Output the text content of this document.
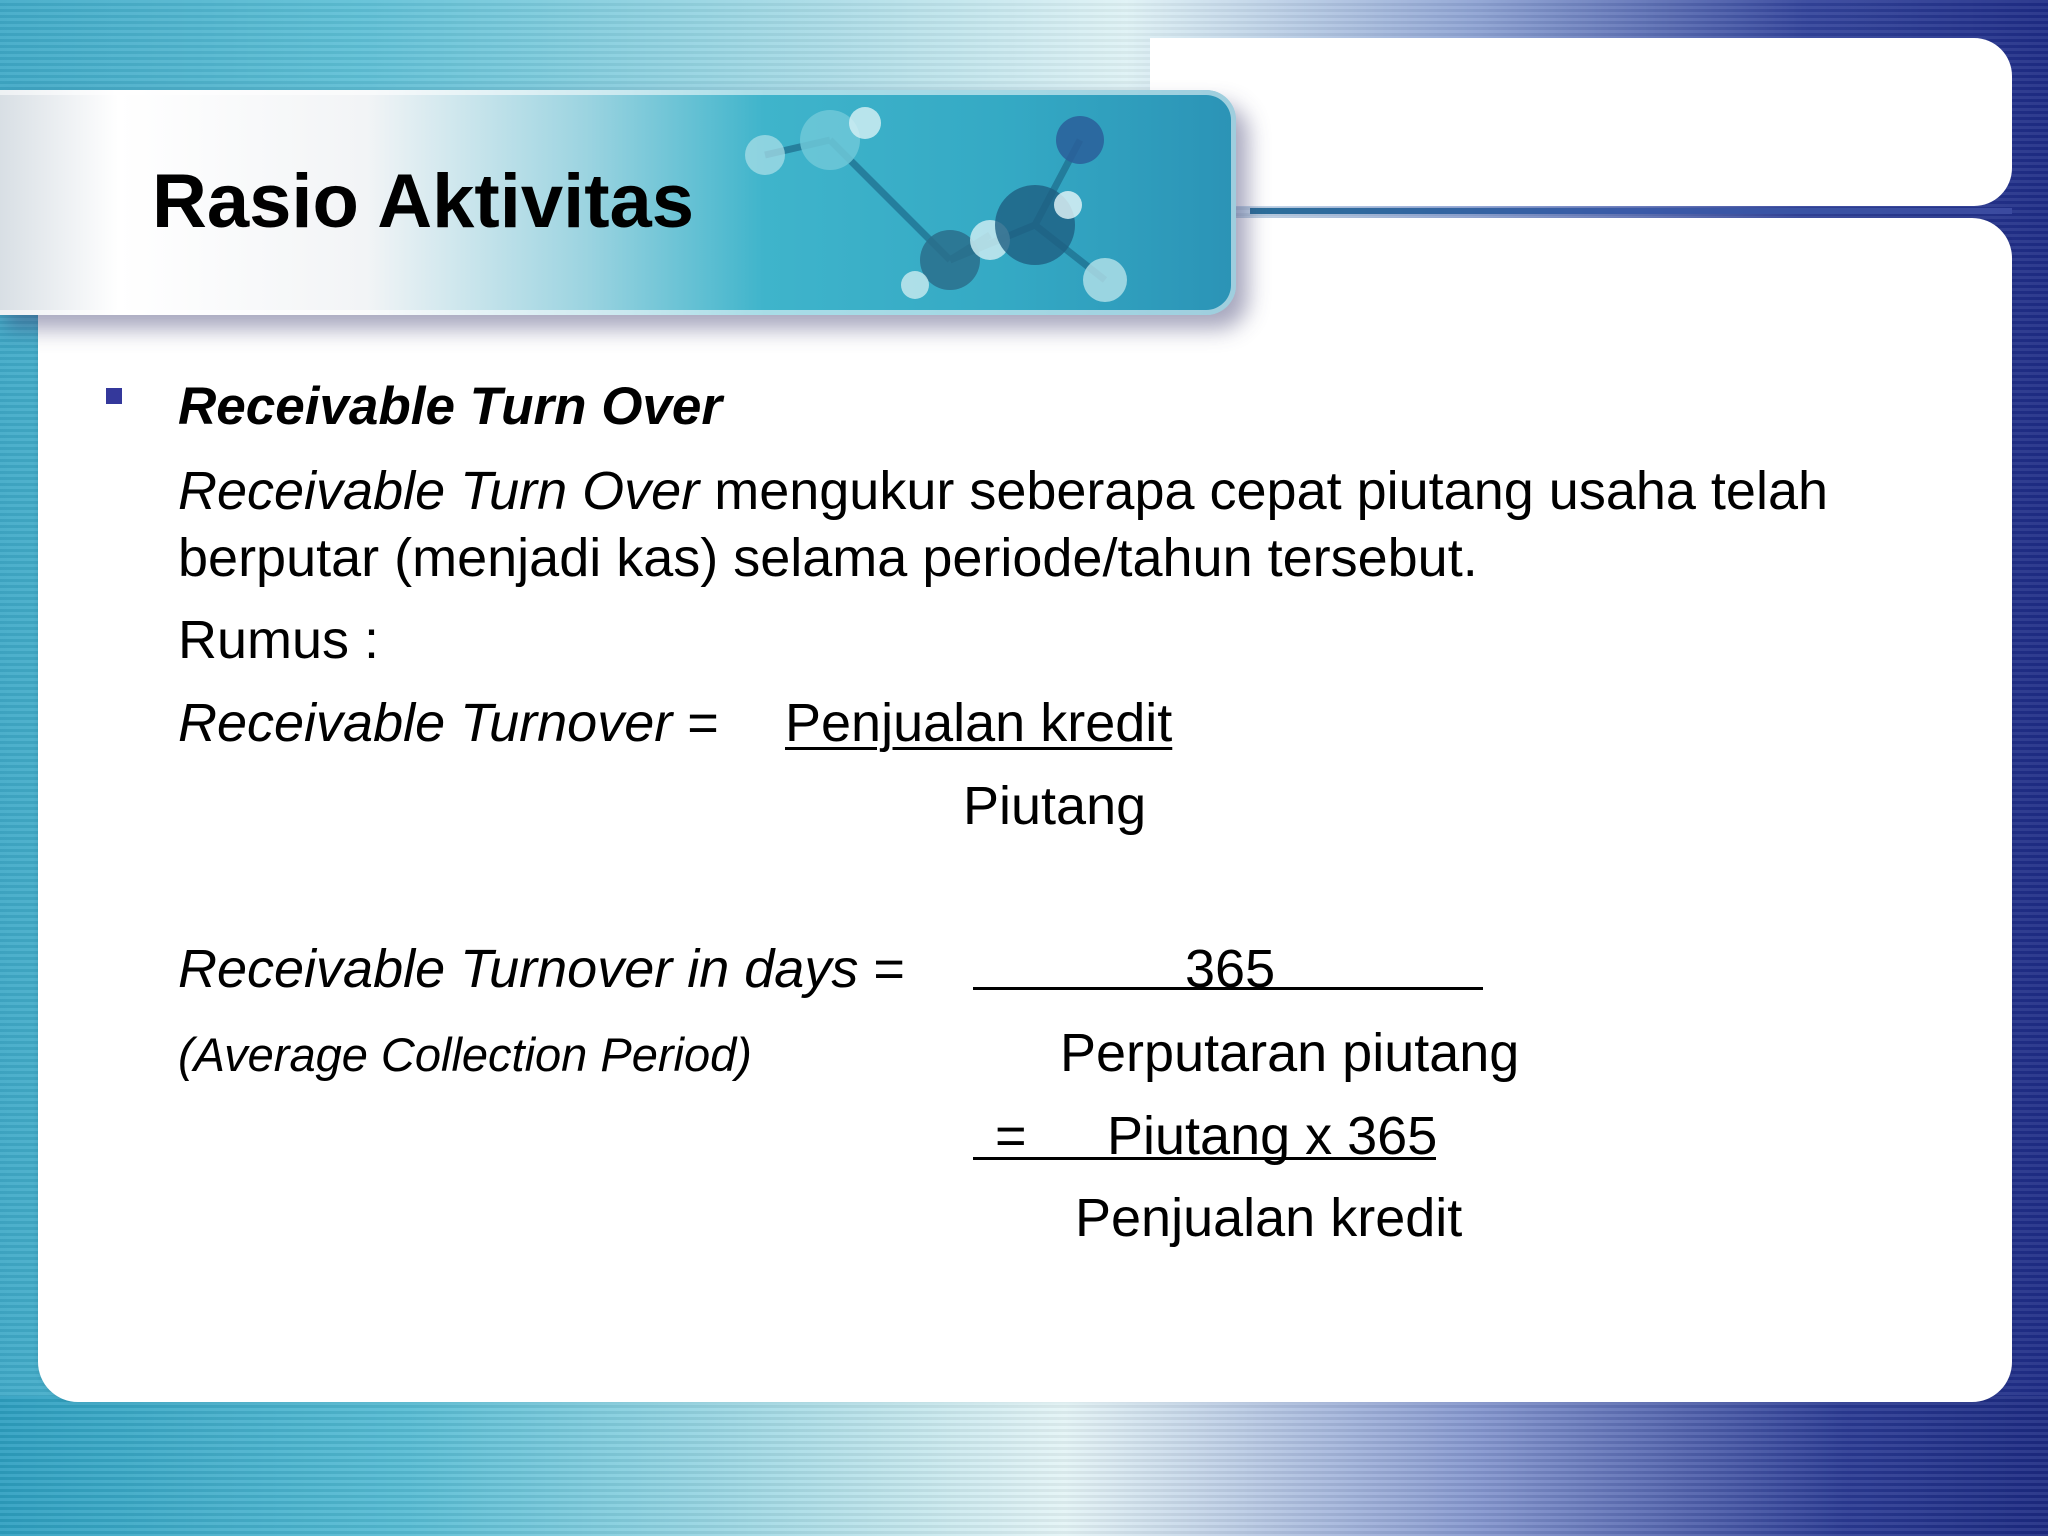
Rasio Aktivitas
Receivable Turn Over
Receivable Turn Over mengukur seberapa cepat piutang usaha telah
berputar (menjadi kas) selama periode/tahun tersebut.
Rumus :
Receivable Turnover = Penjualan kredit
Piutang
Receivable Turnover in days =	365
(Average Collection Period)	Perputaran piutang
= Piutang x 365
Penjualan kredit
